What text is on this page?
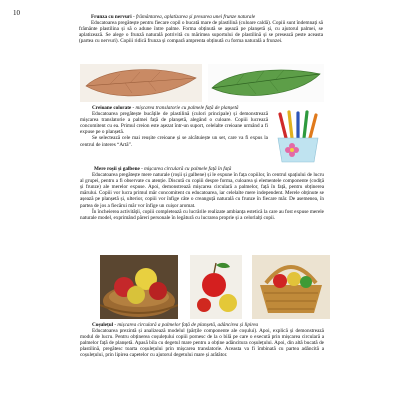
10	Frunza cu nervuri - frământarea, aplatizarea și presarea unei frunze naturale

Educatoarea pregătește pentru fiecare copil o bucată mare de plastilină (culoare caldă). Copiii sunt îndemnați să frământe plastilina și să o adune între palme. Forma obținută se așează pe planșetă și, cu ajutorul palmei, se aplatizează. Se alege o frunză naturală potrivită cu mărimea suportului de plastilină și se presează peste aceasta (partea cu nervuri). Copiii ridică frunza și compară amprenta obținută cu forma naturală a frunzei.

Creioane colorate - mișcarea translatorie cu palmele față de planșetă

Educatoarea pregătește bucățile de plastilină (culori principale) și demonstrează mișcarea translatorie a palmei față de planșetă, alegând o culoare. Copiii lucrează concomitent cu ea. Primul creion este așezat într-un suport, celelalte creioane urmând a fi expuse pe o planșetă.

Se selectează cele mai reușite creioane și se alcătuiește un set, care va fi expus la centrul de interes “Artă”.

Mere roșii și galbene - mișcarea circulară cu palmele față în față

Educatoarea pregătește mere naturale (roșii și galbene) și le expune în fața copiilor, în centrul spațiului de lucru al grupei, pentru a fi observate cu atenție. Discută cu copiii despre forma, culoarea și elementele componente (codiță și frunze) ale merelor expuse. Apoi, demonstrează mișcarea circulară a palmelor, față în față, pentru obținerea mărului. Copiii vor lucra primul măr concomitent cu educatoarea, iar celelalte mere independent. Merele obținute se așează pe planșetă și, ulterior, copiii vor înfige câte o creanguță naturală cu frunze în fiecare măr. De asemenea, în partea de jos a fiecărui măr vor înfige un cuișor aromat.

În încheierea activității, copiii completează cu lucrările realizate ambianța estetică la care au fost expuse merele naturale model, exprimând păreri personale în legătură cu lucrarea proprie și a celorlalți copii.

Coșulețul - mișcarea circulară a palmelor față de planșetă, adâncirea și lipirea

Educatoarea prezintă și analizează modelul (părțile componente ale coșului). Apoi, explică și demonstrează modul de lucru. Pentru obținerea coșulețului copiii pornesc de la o bilă pe care o execută prin mișcarea circulară a palmelor față de planșetă. Apasă bila cu degetul mare pentru a obține adâncitura coșulețului. Apoi, din altă bucată de plastilină, pregătesc toarta coșulețului prin mișcarea translatorie. Aceasta va fi îmbinată cu partea adâncită a coșulețului, prin lipirea capetelor cu ajutorul degetului mare și arătător.
